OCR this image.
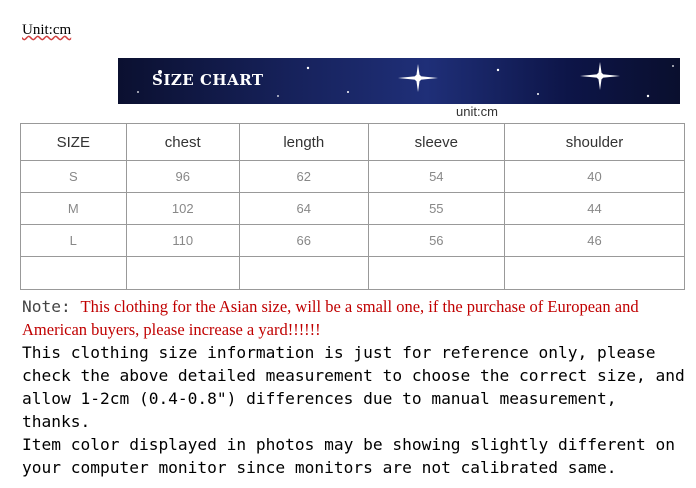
Unit:cm
SIZE CHART
unit:cm
SIZE	chest	length	sleeve	shoulder
S	96	62	54	40
M	102	64	55	44
L	110	66	56	46

Note: This clothing for the Asian size, will be a small one, if the purchase of European and American buyers, please increase a yard!!!!!!

This clothing size information is just for reference only, please check the above detailed measurement to choose the correct size, and allow 1-2cm (0.4-0.8") differences due to manual measurement, thanks.

Item color displayed in photos may be showing slightly different on your computer monitor since monitors are not calibrated same.
